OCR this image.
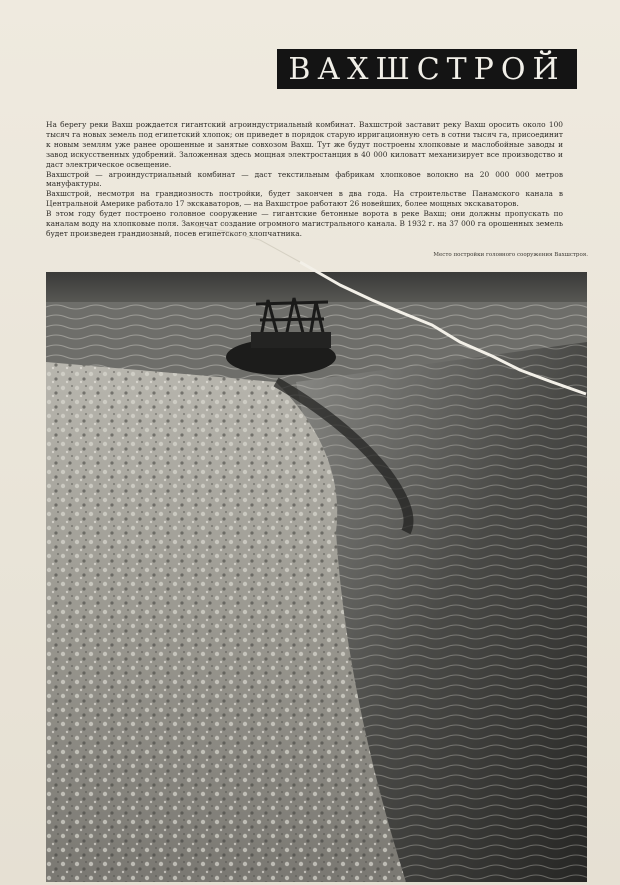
ВАХШСТРОЙ

На берегу реки Вахш рождается гигантский агроиндустриальный комбинат. Вахшстрой заставит реку Вахш оросить около 100 тысяч га новых земель под египетский хлопок; он приведет в порядок старую ирригационную сеть в сотни тысяч га, присоединит к новым землям уже ранее орошенные и занятые совхозом Вахш. Тут же будут построены хлопковые и маслобойные заводы и завод искусственных удобрений. Заложенная здесь мощная электростанция в 40 000 киловатт механизирует все производство и даст электрическое освещение.

Вахшстрой — агроиндустриальный комбинат — даст текстильным фабрикам хлопковое волокно на 20 000 000 метров мануфактуры.

Вахшстрой, несмотря на грандиозность постройки, будет закончен в два года. На строительстве Панамского канала в Центральной Америке работало 17 экскаваторов, — на Вахшстрое работают 26 новейших, более мощных экскаваторов.

В этом году будет построено головное сооружение — гигантские бетонные ворота в реке Вахш; они должны пропускать по каналам воду на хлопковые поля. Закончат создание огромного магистрального канала. В 1932 г. на 37 000 га орошенных земель будет произведен грандиозный, посев египетского хлопчатника.

Место постройки головного сооружения Вахшстроя.
